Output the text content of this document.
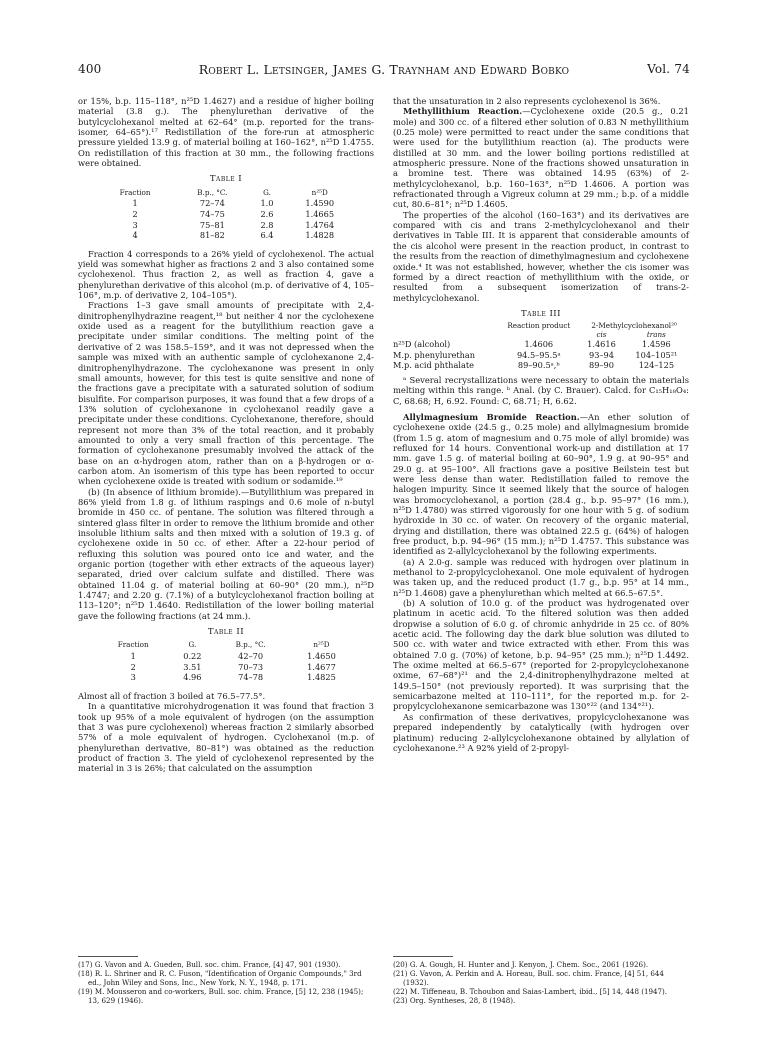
400	Robert L. Letsinger, James G. Traynham and Edward Bobko	Vol. 74

or 15%, b.p. 115–118°, n²⁵D 1.4627) and a residue of higher boiling material (3.8 g.). The phenylurethan derivative of the butylcyclohexanol melted at 62–64° (m.p. reported for the trans-isomer, 64–65°).¹⁷ Redistillation of the fore-run at atmospheric pressure yielded 13.9 g. of material boiling at 160–162°, n²⁵D 1.4755. On redistillation of this fraction at 30 mm., the following fractions were obtained.

Table I
Fraction	B.p., °C.	G.	n²⁵D
1	72–74	1.0	1.4590
2	74–75	2.6	1.4665
3	75–81	2.8	1.4764
4	81–82	6.4	1.4828

Fraction 4 corresponds to a 26% yield of cyclohexenol. The actual yield was somewhat higher as fractions 2 and 3 also contained some cyclohexenol. Thus fraction 2, as well as fraction 4, gave a phenylurethan derivative of this alcohol (m.p. of derivative of 4, 105–106°, m.p. of derivative 2, 104–105°).

Fractions 1–3 gave small amounts of precipitate with 2,4-dinitrophenylhydrazine reagent,¹⁸ but neither 4 nor the cyclohexene oxide used as a reagent for the butyllithium reaction gave a precipitate under similar conditions. The melting point of the derivative of 2 was 158.5–159°, and it was not depressed when the sample was mixed with an authentic sample of cyclohexanone 2,4-dinitrophenylhydrazone. The cyclohexanone was present in only small amounts, however, for this test is quite sensitive and none of the fractions gave a precipitate with a saturated solution of sodium bisulfite. For comparison purposes, it was found that a few drops of a 13% solution of cyclohexanone in cyclohexanol readily gave a precipitate under these conditions. Cyclohexanone, therefore, should represent not more than 3% of the total reaction, and it probably amounted to only a very small fraction of this percentage. The formation of cyclohexanone presumably involved the attack of the base on an α-hydrogen atom, rather than on a β-hydrogen or α-carbon atom. An isomerism of this type has been reported to occur when cyclohexene oxide is treated with sodium or sodamide.¹⁹

(b) (In absence of lithium bromide).—Butyllithium was prepared in 86% yield from 1.8 g. of lithium raspings and 0.6 mole of n-butyl bromide in 450 cc. of pentane. The solution was filtered through a sintered glass filter in order to remove the lithium bromide and other insoluble lithium salts and then mixed with a solution of 19.3 g. of cyclohexene oxide in 50 cc. of ether. After a 22-hour period of refluxing this solution was poured onto ice and water, and the organic portion (together with ether extracts of the aqueous layer) separated, dried over calcium sulfate and distilled. There was obtained 11.04 g. of material boiling at 60–90° (20 mm.), n²⁵D 1.4747; and 2.20 g. (7.1%) of a butylcyclohexanol fraction boiling at 113–120°; n²⁵D 1.4640. Redistillation of the lower boiling material gave the following fractions (at 24 mm.).

Table II
Fraction	G.	B.p., °C.	n²⁵D
1	0.22	42–70	1.4650
2	3.51	70–73	1.4677
3	4.96	74–78	1.4825

Almost all of fraction 3 boiled at 76.5–77.5°.

In a quantitative microhydrogenation it was found that fraction 3 took up 95% of a mole equivalent of hydrogen (on the assumption that 3 was pure cyclohexenol) whereas fraction 2 similarly absorbed 57% of a mole equivalent of hydrogen. Cyclohexanol (m.p. of phenylurethan derivative, 80–81°) was obtained as the reduction product of fraction 3. The yield of cyclohexenol represented by the material in 3 is 26%; that calculated on the assumption

that the unsaturation in 2 also represents cyclohexenol is 36%.

Methyllithium Reaction.—Cyclohexene oxide (20.5 g., 0.21 mole) and 300 cc. of a filtered ether solution of 0.83 N methyllithium (0.25 mole) were permitted to react under the same conditions that were used for the butyllithium reaction (a). The products were distilled at 30 mm. and the lower boiling portions redistilled at atmospheric pressure. None of the fractions showed unsaturation in a bromine test. There was obtained 14.95 (63%) of 2-methylcyclohexanol, b.p. 160–163°, n²⁵D 1.4606. A portion was refractionated through a Vigreux column at 29 mm.; b.p. of a middle cut, 80.6–81°; n²⁵D 1.4605.

The properties of the alcohol (160–163°) and its derivatives are compared with cis and trans 2-methylcyclohexanol and their derivatives in Table III. It is apparent that considerable amounts of the cis alcohol were present in the reaction product, in contrast to the results from the reaction of dimethylmagnesium and cyclohexene oxide.⁴ It was not established, however, whether the cis isomer was formed by a direct reaction of methyllithium with the oxide, or resulted from a subsequent isomerization of trans-2-methylcyclohexanol.

Table III
	Reaction product	2-Methylcyclohexanol²⁰	
		cis	trans
n²⁵D (alcohol)	1.4606	1.4616	1.4596
M.p. phenylurethan	94.5–95.5ᵃ	93–94	104–105²¹
M.p. acid phthalate	89–90.5ᵃ,ᵇ	89–90	124–125

ᵃ Several recrystallizations were necessary to obtain the materials melting within this range. ᵇ Anal. (by C. Brauer). Calcd. for C₁₅H₁₈O₄: C, 68.68; H, 6.92. Found: C, 68.71; H, 6.62.

Allylmagnesium Bromide Reaction.—An ether solution of cyclohexene oxide (24.5 g., 0.25 mole) and allylmagnesium bromide (from 1.5 g. atom of magnesium and 0.75 mole of allyl bromide) was refluxed for 14 hours. Conventional work-up and distillation at 17 mm. gave 1.5 g. of material boiling at 60–90°, 1.9 g. at 90–95° and 29.0 g. at 95–100°. All fractions gave a positive Beilstein test but were less dense than water. Redistillation failed to remove the halogen impurity. Since it seemed likely that the source of halogen was bromocyclohexanol, a portion (28.4 g., b.p. 95–97° (16 mm.), n²⁵D 1.4780) was stirred vigorously for one hour with 5 g. of sodium hydroxide in 30 cc. of water. On recovery of the organic material, drying and distillation, there was obtained 22.5 g. (64%) of halogen free product, b.p. 94–96° (15 mm.); n²⁵D 1.4757. This substance was identified as 2-allylcyclohexanol by the following experiments.

(a) A 2.0-g. sample was reduced with hydrogen over platinum in methanol to 2-propylcyclohexanol. One mole equivalent of hydrogen was taken up, and the reduced product (1.7 g., b.p. 95° at 14 mm., n²⁵D 1.4608) gave a phenylurethan which melted at 66.5–67.5°.

(b) A solution of 10.0 g. of the product was hydrogenated over platinum in acetic acid. To the filtered solution was then added dropwise a solution of 6.0 g. of chromic anhydride in 25 cc. of 80% acetic acid. The following day the dark blue solution was diluted to 500 cc. with water and twice extracted with ether. From this was obtained 7.0 g. (70%) of ketone, b.p. 94–95° (25 mm.); n²⁵D 1.4492. The oxime melted at 66.5–67° (reported for 2-propylcyclohexanone oxime, 67–68°)²¹ and the 2,4-dinitrophenylhydrazone melted at 149.5–150° (not previously reported). It was surprising that the semicarbazone melted at 110–111°, for the reported m.p. for 2-propylcyclohexanone semicarbazone was 130°²² (and 134°²¹).

As confirmation of these derivatives, propylcyclohexanone was prepared independently by catalytically (with hydrogen over platinum) reducing 2-allylcyclohexanone obtained by allylation of cyclohexanone.²³ A 92% yield of 2-propyl-

(17) G. Vavon and A. Gueden, Bull. soc. chim. France, [4] 47, 901 (1930).

(18) R. L. Shriner and R. C. Fuson, "Identification of Organic Compounds," 3rd ed., John Wiley and Sons, Inc., New York, N. Y., 1948, p. 171.

(19) M. Mousseron and co-workers, Bull. soc. chim. France, [5] 12, 238 (1945); 13, 629 (1946).

(20) G. A. Gough, H. Hunter and J. Kenyon, J. Chem. Soc., 2061 (1926).

(21) G. Vavon, A. Perkin and A. Horeau, Bull. soc. chim. France, [4] 51, 644 (1932).

(22) M. Tiffeneau, B. Tchoubon and Saias-Lambert, ibid., [5] 14, 448 (1947).

(23) Org. Syntheses, 28, 8 (1948).
